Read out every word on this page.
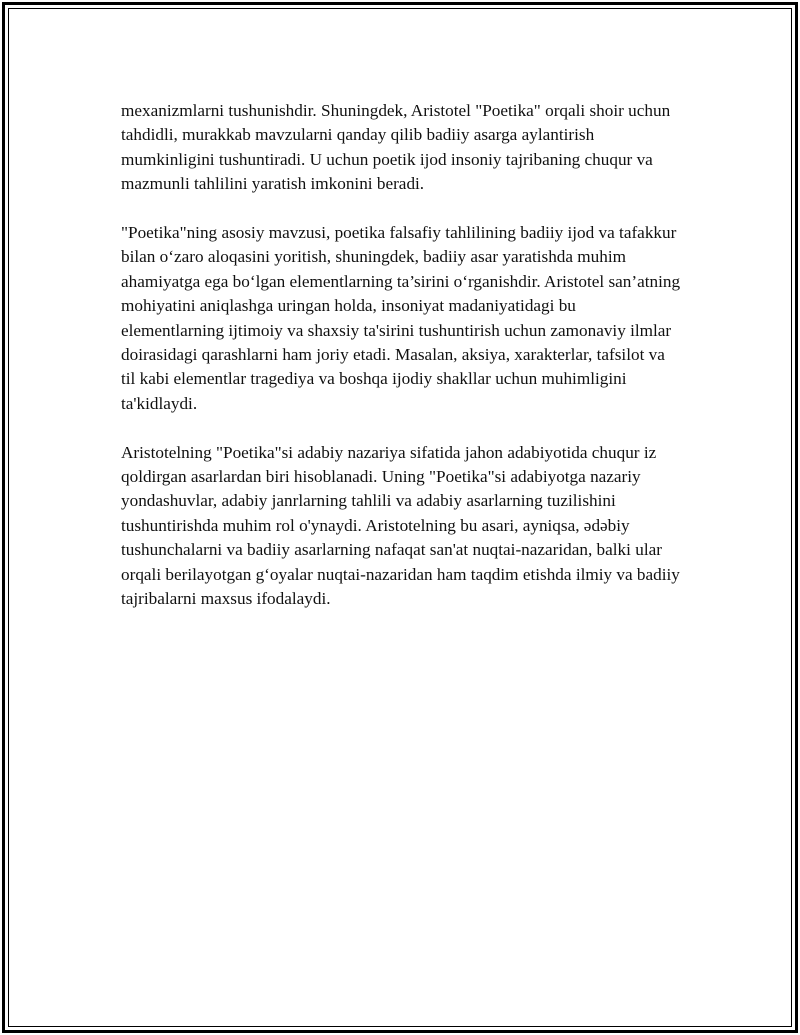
mexanizmlarni tushunishdir. Shuningdek, Aristotel "Poetika" orqali shoir uchun tahdidli, murakkab mavzularni qanday qilib badiiy asarga aylantirish mumkinligini tushuntiradi. U uchun poetik ijod insoniy tajribaning chuqur va mazmunli tahlilini yaratish imkonini beradi.

"Poetika"ning asosiy mavzusi, poetika falsafiy tahlilining badiiy ijod va tafakkur bilan o‘zaro aloqasini yoritish, shuningdek, badiiy asar yaratishda muhim ahamiyatga ega bo‘lgan elementlarning ta’sirini o‘rganishdir. Aristotel san’atning mohiyatini aniqlashga uringan holda, insoniyat madaniyatidagi bu elementlarning ijtimoiy va shaxsiy ta'sirini tushuntirish uchun zamonaviy ilmlar doirasidagi qarashlarni ham joriy etadi. Masalan, aksiya, xarakterlar, tafsilot va til kabi elementlar tragediya va boshqa ijodiy shakllar uchun muhimligini ta'kidlaydi.

Aristotelning "Poetika"si adabiy nazariya sifatida jahon adabiyotida chuqur iz qoldirgan asarlardan biri hisoblanadi. Uning "Poetika"si adabiyotga nazariy yondashuvlar, adabiy janrlarning tahlili va adabiy asarlarning tuzilishini tushuntirishda muhim rol o'ynaydi. Aristotelning bu asari, ayniqsa, ədəbiy tushunchalarni va badiiy asarlarning nafaqat san'at nuqtai-nazaridan, balki ular orqali berilayotgan g‘oyalar nuqtai-nazaridan ham taqdim etishda ilmiy va badiiy tajribalarni maxsus ifodalaydi.
